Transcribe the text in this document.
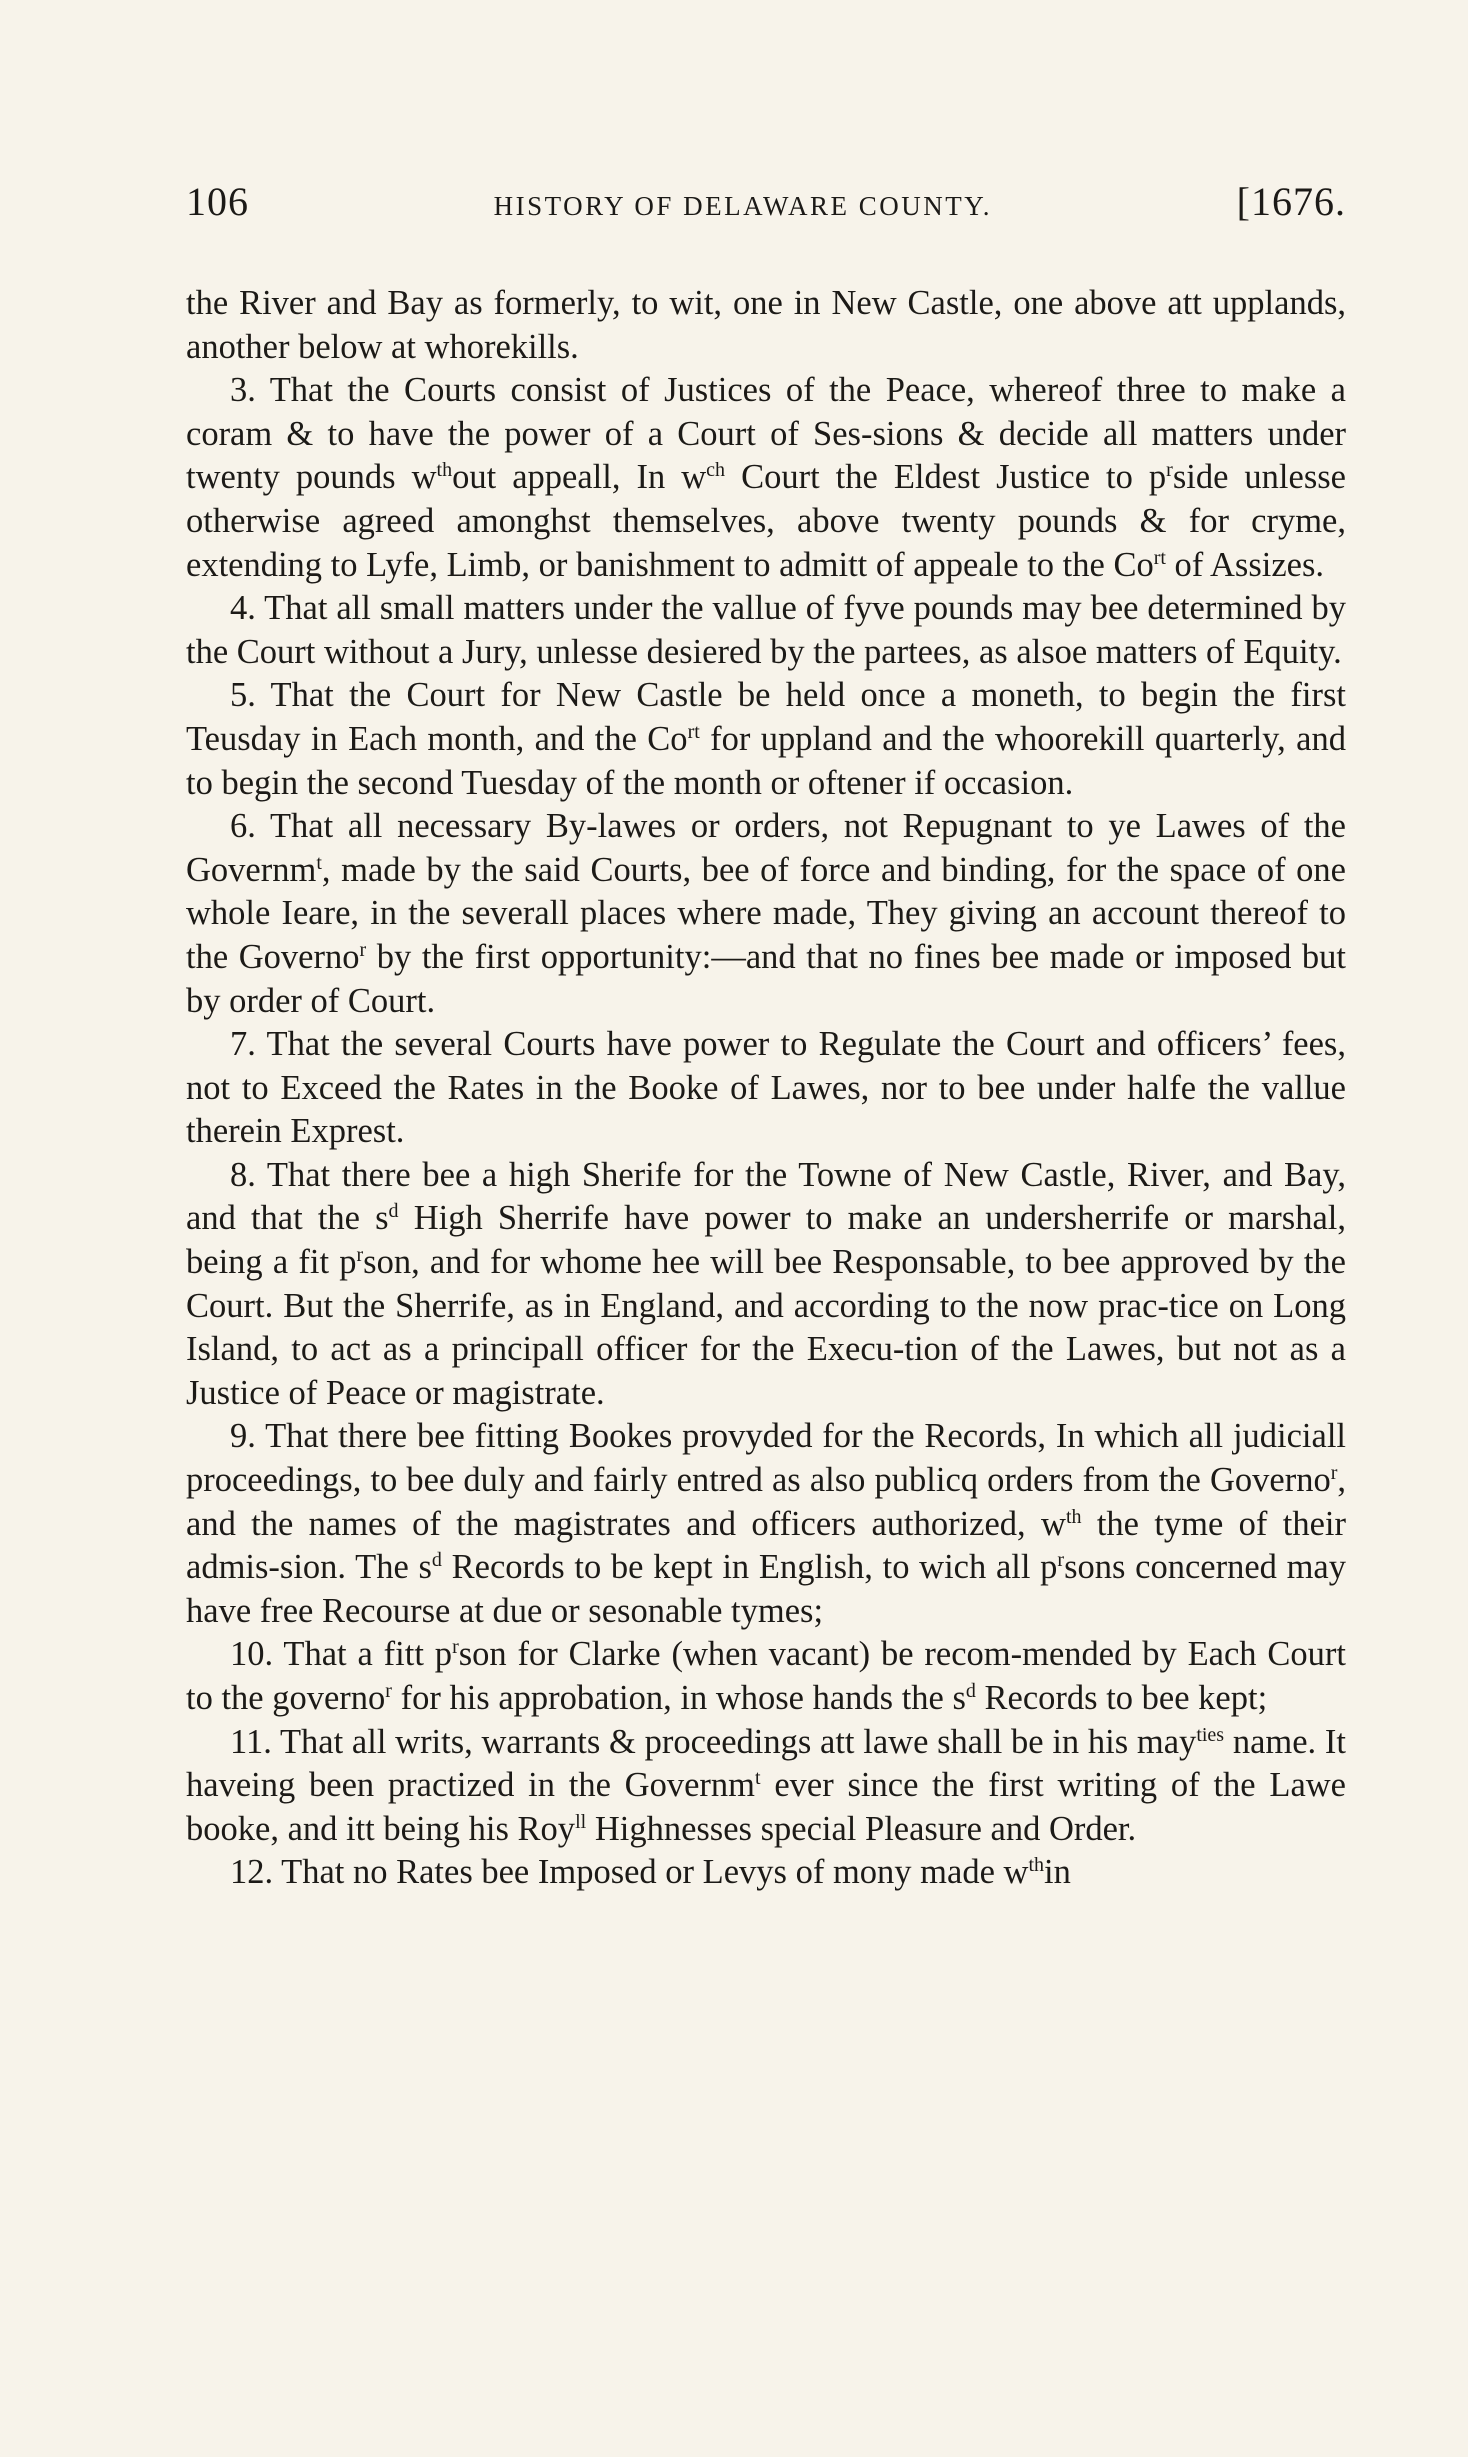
106	HISTORY OF DELAWARE COUNTY.	[1676.

the River and Bay as formerly, to wit, one in New Castle, one above att upplands, another below at whorekills.

3. That the Courts consist of Justices of the Peace, whereof three to make a coram & to have the power of a Court of Ses-sions & decide all matters under twenty pounds $w^{th}out$ appeall, In $w^{ch}$ Court the Eldest Justice to $p^rside$ unlesse otherwise agreed amonghst themselves, above twenty pounds & for cryme, extending to Lyfe, Limb, or banishment to admitt of appeale to the $Co^{rt}$ of Assizes.

4. That all small matters under the vallue of fyve pounds may bee determined by the Court without a Jury, unlesse desiered by the partees, as alsoe matters of Equity.

5. That the Court for New Castle be held once a moneth, to begin the first Teusday in Each month, and the $Co^{rt}$ for uppland and the whoorekill quarterly, and to begin the second Tuesday of the month or oftener if occasion.

6. That all necessary By-lawes or orders, not Repugnant to ye Lawes of the Governm$^t$, made by the said Courts, bee of force and binding, for the space of one whole Ieare, in the severall places where made, They giving an account thereof to the Governo$^r$ by the first opportunity:—and that no fines bee made or imposed but by order of Court.

7. That the several Courts have power to Regulate the Court and officers’ fees, not to Exceed the Rates in the Booke of Lawes, nor to bee under halfe the vallue therein Exprest.

8. That there bee a high Sherife for the Towne of New Castle, River, and Bay, and that the $s^d$ High Sherrife have power to make an undersherrife or marshal, being a fit $p^rson$, and for whome hee will bee Responsable, to bee approved by the Court. But the Sherrife, as in England, and according to the now prac-tice on Long Island, to act as a principall officer for the Execu-tion of the Lawes, but not as a Justice of Peace or magistrate.

9. That there bee fitting Bookes provyded for the Records, In which all judiciall proceedings, to bee duly and fairly entred as also publicq orders from the Governo$^r$, and the names of the magistrates and officers authorized, $w^{th}$ the tyme of their admis-sion. The $s^d$ Records to be kept in English, to wich all $p^rsons$ concerned may have free Recourse at due or sesonable tymes;

10. That a fitt $p^rson$ for Clarke (when vacant) be recom-mended by Each Court to the governo$^r$ for his approbation, in whose hands the $s^d$ Records to bee kept;

11. That all writs, warrants & proceedings att lawe shall be in his may$^{ties}$ name. It haveing been practized in the Governm$^t$ ever since the first writing of the Lawe booke, and itt being his Roy$^{ll}$ Highnesses special Pleasure and Order.

12. That no Rates bee Imposed or Levys of mony made $w^{th}in$
